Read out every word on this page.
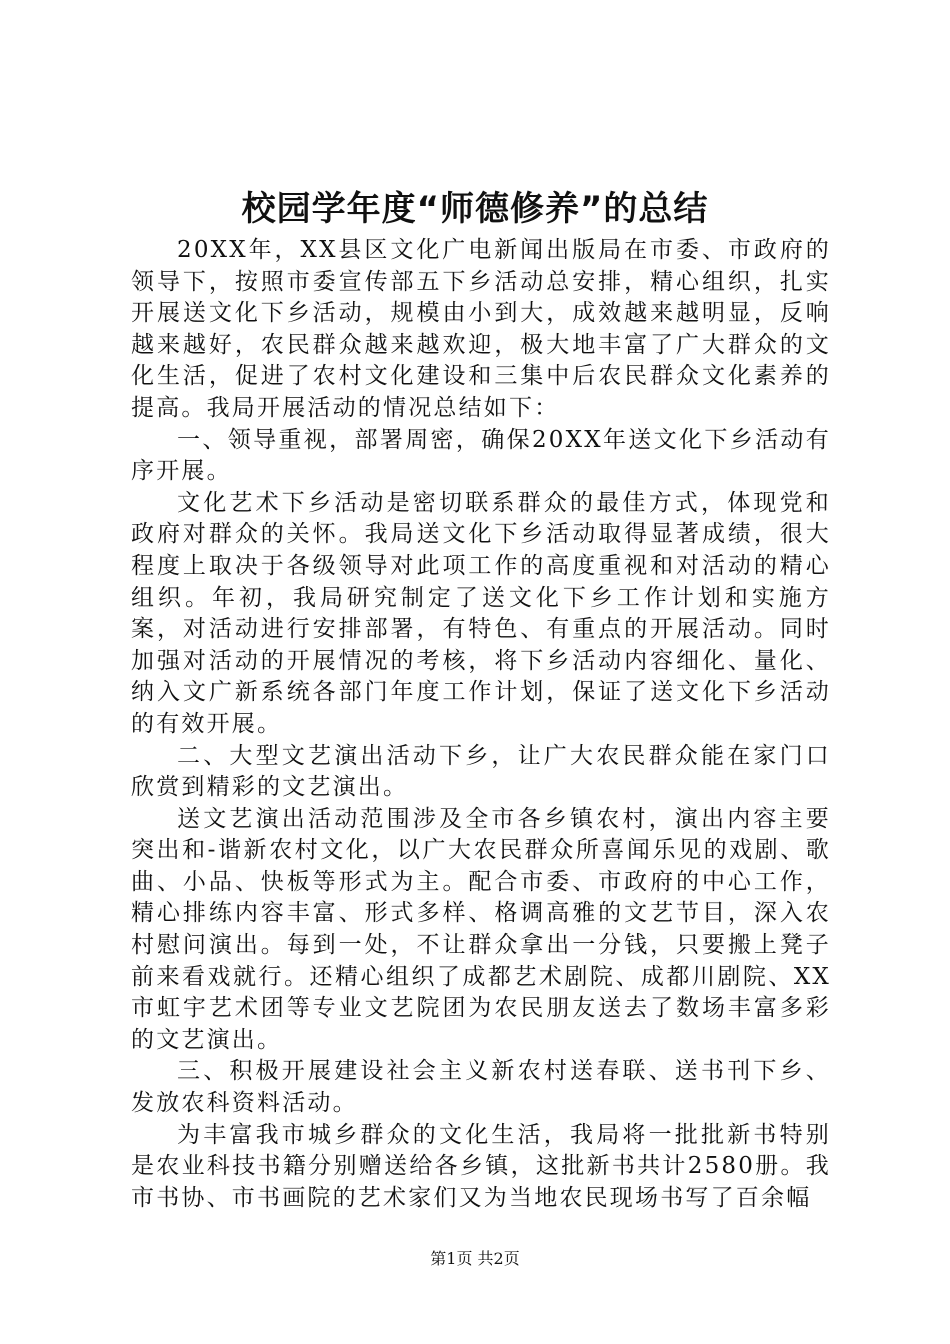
校园学年度“师德修养”的总结

20XX年，XX县区文化广电新闻出版局在市委、市政府的领导下，按照市委宣传部五下乡活动总安排，精心组织，扎实开展送文化下乡活动，规模由小到大，成效越来越明显，反响越来越好，农民群众越来越欢迎，极大地丰富了广大群众的文化生活，促进了农村文化建设和三集中后农民群众文化素养的提高。我局开展活动的情况总结如下：

一、领导重视，部署周密，确保20XX年送文化下乡活动有序开展。

文化艺术下乡活动是密切联系群众的最佳方式，体现党和政府对群众的关怀。我局送文化下乡活动取得显著成绩，很大程度上取决于各级领导对此项工作的高度重视和对活动的精心组织。年初，我局研究制定了送文化下乡工作计划和实施方案，对活动进行安排部署，有特色、有重点的开展活动。同时加强对活动的开展情况的考核，将下乡活动内容细化、量化、纳入文广新系统各部门年度工作计划，保证了送文化下乡活动的有效开展。

二、大型文艺演出活动下乡，让广大农民群众能在家门口欣赏到精彩的文艺演出。

送文艺演出活动范围涉及全市各乡镇农村，演出内容主要突出和-谐新农村文化，以广大农民群众所喜闻乐见的戏剧、歌曲、小品、快板等形式为主。配合市委、市政府的中心工作，精心排练内容丰富、形式多样、格调高雅的文艺节目，深入农村慰问演出。每到一处，不让群众拿出一分钱，只要搬上凳子前来看戏就行。还精心组织了成都艺术剧院、成都川剧院、XX市虹宇艺术团等专业文艺院团为农民朋友送去了数场丰富多彩的文艺演出。

三、积极开展建设社会主义新农村送春联、送书刊下乡、发放农科资料活动。

为丰富我市城乡群众的文化生活，我局将一批批新书特别是农业科技书籍分别赠送给各乡镇，这批新书共计2580册。我市书协、市书画院的艺术家们又为当地农民现场书写了百余幅

第1页 共2页
